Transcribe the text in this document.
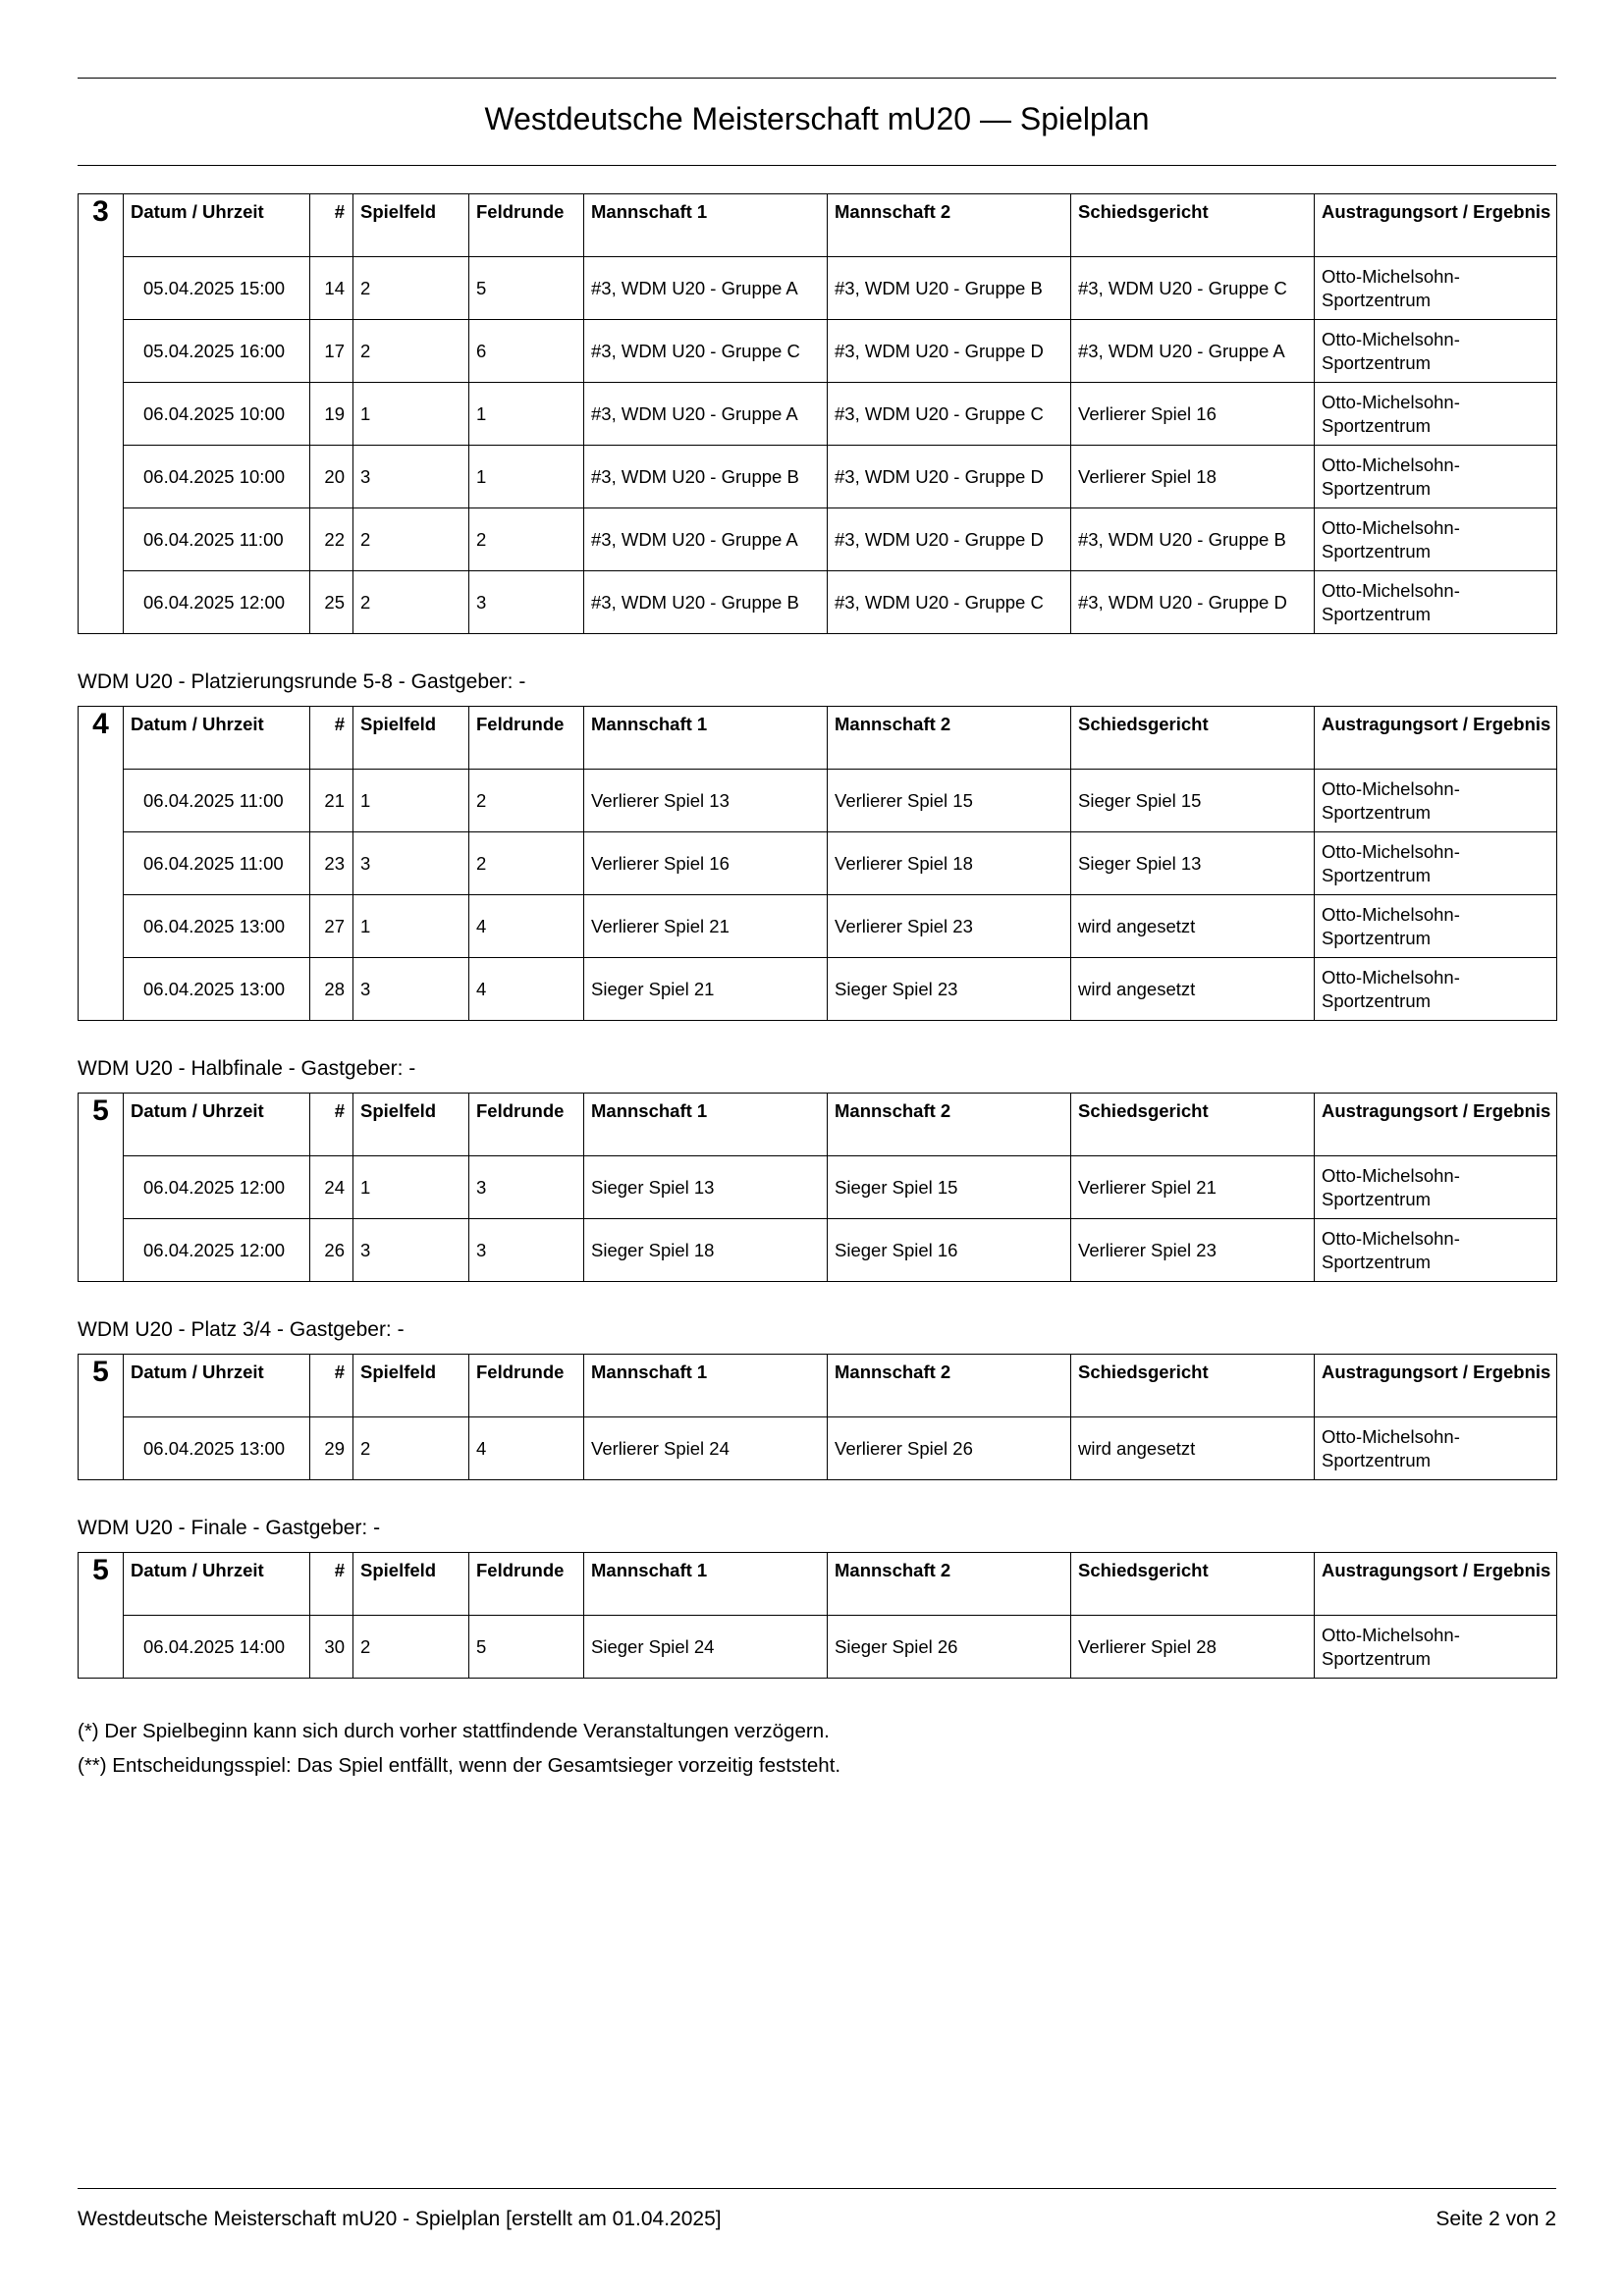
Westdeutsche Meisterschaft mU20 — Spielplan
3	Datum / Uhrzeit	#	Spielfeld	Feldrunde	Mannschaft 1	Mannschaft 2	Schiedsgericht	Austragungsort / Ergebnis
	05.04.2025 15:00	14	2	5	#3, WDM U20 - Gruppe A	#3, WDM U20 - Gruppe B	#3, WDM U20 - Gruppe C	Otto-Michelsohn-Sportzentrum
	05.04.2025 16:00	17	2	6	#3, WDM U20 - Gruppe C	#3, WDM U20 - Gruppe D	#3, WDM U20 - Gruppe A	Otto-Michelsohn-Sportzentrum
	06.04.2025 10:00	19	1	1	#3, WDM U20 - Gruppe A	#3, WDM U20 - Gruppe C	Verlierer Spiel 16	Otto-Michelsohn-Sportzentrum
	06.04.2025 10:00	20	3	1	#3, WDM U20 - Gruppe B	#3, WDM U20 - Gruppe D	Verlierer Spiel 18	Otto-Michelsohn-Sportzentrum
	06.04.2025 11:00	22	2	2	#3, WDM U20 - Gruppe A	#3, WDM U20 - Gruppe D	#3, WDM U20 - Gruppe B	Otto-Michelsohn-Sportzentrum
	06.04.2025 12:00	25	2	3	#3, WDM U20 - Gruppe B	#3, WDM U20 - Gruppe C	#3, WDM U20 - Gruppe D	Otto-Michelsohn-Sportzentrum
WDM U20 - Platzierungsrunde 5-8 - Gastgeber: -
4	Datum / Uhrzeit	#	Spielfeld	Feldrunde	Mannschaft 1	Mannschaft 2	Schiedsgericht	Austragungsort / Ergebnis
	06.04.2025 11:00	21	1	2	Verlierer Spiel 13	Verlierer Spiel 15	Sieger Spiel 15	Otto-Michelsohn-Sportzentrum
	06.04.2025 11:00	23	3	2	Verlierer Spiel 16	Verlierer Spiel 18	Sieger Spiel 13	Otto-Michelsohn-Sportzentrum
	06.04.2025 13:00	27	1	4	Verlierer Spiel 21	Verlierer Spiel 23	wird angesetzt	Otto-Michelsohn-Sportzentrum
	06.04.2025 13:00	28	3	4	Sieger Spiel 21	Sieger Spiel 23	wird angesetzt	Otto-Michelsohn-Sportzentrum
WDM U20 - Halbfinale - Gastgeber: -
5	Datum / Uhrzeit	#	Spielfeld	Feldrunde	Mannschaft 1	Mannschaft 2	Schiedsgericht	Austragungsort / Ergebnis
	06.04.2025 12:00	24	1	3	Sieger Spiel 13	Sieger Spiel 15	Verlierer Spiel 21	Otto-Michelsohn-Sportzentrum
	06.04.2025 12:00	26	3	3	Sieger Spiel 18	Sieger Spiel 16	Verlierer Spiel 23	Otto-Michelsohn-Sportzentrum
WDM U20 - Platz 3/4 - Gastgeber: -
5	Datum / Uhrzeit	#	Spielfeld	Feldrunde	Mannschaft 1	Mannschaft 2	Schiedsgericht	Austragungsort / Ergebnis
	06.04.2025 13:00	29	2	4	Verlierer Spiel 24	Verlierer Spiel 26	wird angesetzt	Otto-Michelsohn-Sportzentrum
WDM U20 - Finale - Gastgeber: -
5	Datum / Uhrzeit	#	Spielfeld	Feldrunde	Mannschaft 1	Mannschaft 2	Schiedsgericht	Austragungsort / Ergebnis
	06.04.2025 14:00	30	2	5	Sieger Spiel 24	Sieger Spiel 26	Verlierer Spiel 28	Otto-Michelsohn-Sportzentrum
(*) Der Spielbeginn kann sich durch vorher stattfindende Veranstaltungen verzögern.
(**) Entscheidungsspiel: Das Spiel entfällt, wenn der Gesamtsieger vorzeitig feststeht.
Westdeutsche Meisterschaft mU20 - Spielplan [erstellt am 01.04.2025]	Seite 2 von 2
